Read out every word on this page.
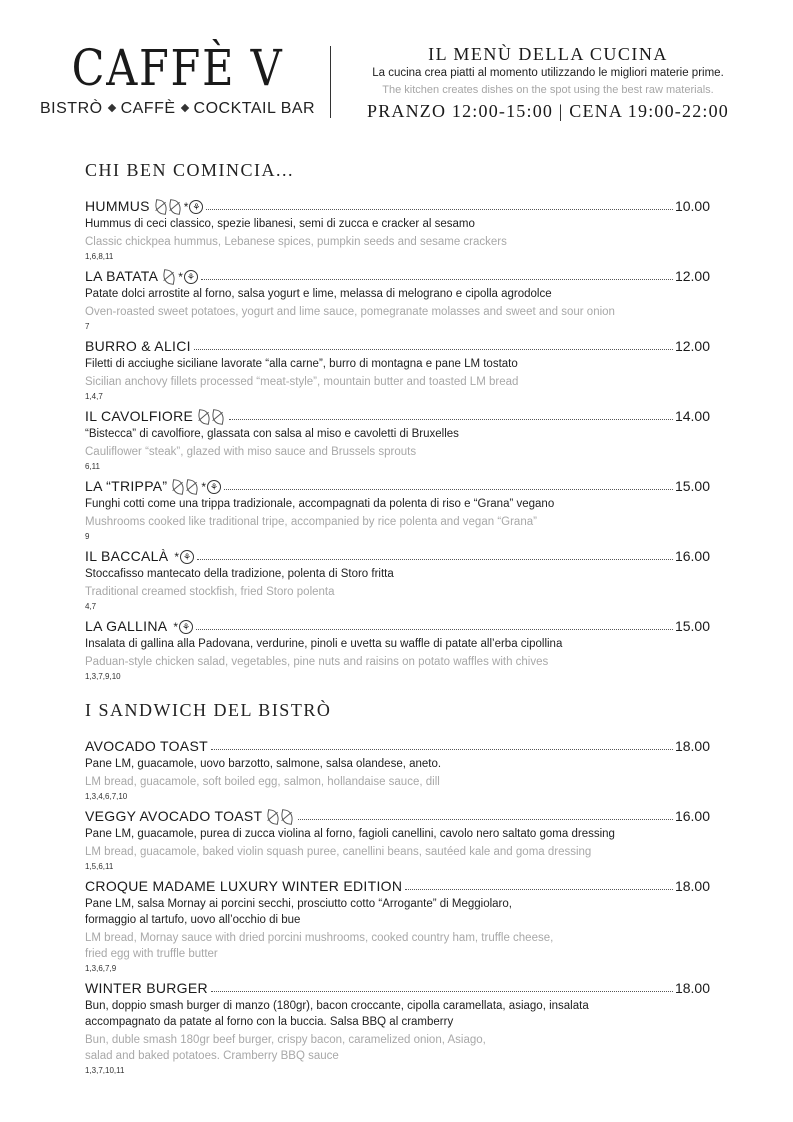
CAFFÈ V
BISTRÒ CAFFÈ COCKTAIL BAR
IL MENÙ DELLA CUCINA
La cucina crea piatti al momento utilizzando le migliori materie prime.
The kitchen creates dishes on the spot using the best raw materials.
PRANZO 12:00-15:00 | CENA 19:00-22:00
CHI BEN COMINCIA...
HUMMUS	* ⚘	10.00
Hummus di ceci classico, spezie libanesi, semi di zucca e cracker al sesamo
Classic chickpea hummus, Lebanese spices, pumpkin seeds and sesame crackers
1,6,8,11
LA BATATA * ⚘	12.00
Patate dolci arrostite al forno, salsa yogurt e lime, melassa di melograno e cipolla agrodolce
Oven-roasted sweet potatoes, yogurt and lime sauce, pomegranate molasses and sweet and sour onion
7
BURRO & ALICI	12.00
Filetti di acciughe siciliane lavorate “alla carne”, burro di montagna e pane LM tostato
Sicilian anchovy fillets processed “meat-style”, mountain butter and toasted LM bread
1,4,7
IL CAVOLFIORE	14.00
“Bistecca” di cavolfiore, glassata con salsa al miso e cavoletti di Bruxelles
Cauliflower “steak”, glazed with miso sauce and Brussels sprouts
6,11
LA “TRIPPA”	* ⚘	15.00
Funghi cotti come una trippa tradizionale, accompagnati da polenta di riso e “Grana” vegano
Mushrooms cooked like traditional tripe, accompanied by rice polenta and vegan “Grana”
9
IL BACCALÀ * ⚘	16.00
Stoccafisso mantecato della tradizione, polenta di Storo fritta
Traditional creamed stockfish, fried Storo polenta
4,7
LA GALLINA * ⚘	15.00
Insalata di gallina alla Padovana, verdurine, pinoli e uvetta su waffle di patate all’erba cipollina
Paduan-style chicken salad, vegetables, pine nuts and raisins on potato waffles with chives
1,3,7,9,10
I SANDWICH DEL BISTRÒ
AVOCADO TOAST	18.00
Pane LM, guacamole, uovo barzotto, salmone, salsa olandese, aneto.
LM bread, guacamole, soft boiled egg, salmon, hollandaise sauce, dill
1,3,4,6,7,10
VEGGY AVOCADO TOAST	16.00
Pane LM, guacamole, purea di zucca violina al forno, fagioli canellini, cavolo nero saltato goma dressing
LM bread, guacamole, baked violin squash puree, canellini beans, sautéed kale and goma dressing
1,5,6,11
CROQUE MADAME LUXURY WINTER EDITION	18.00
Pane LM, salsa Mornay ai porcini secchi, prosciutto cotto “Arrogante” di Meggiolaro,
formaggio al tartufo, uovo all’occhio di bue
LM bread, Mornay sauce with dried porcini mushrooms, cooked country ham, truffle cheese,
fried egg with truffle butter
1,3,6,7,9
WINTER BURGER	18.00
Bun, doppio smash burger di manzo (180gr), bacon croccante, cipolla caramellata, asiago, insalata
accompagnato da patate al forno con la buccia. Salsa BBQ al cramberry
Bun, duble smash 180gr beef burger, crispy bacon, caramelized onion, Asiago,
salad and baked potatoes. Cramberry BBQ sauce
1,3,7,10,11
